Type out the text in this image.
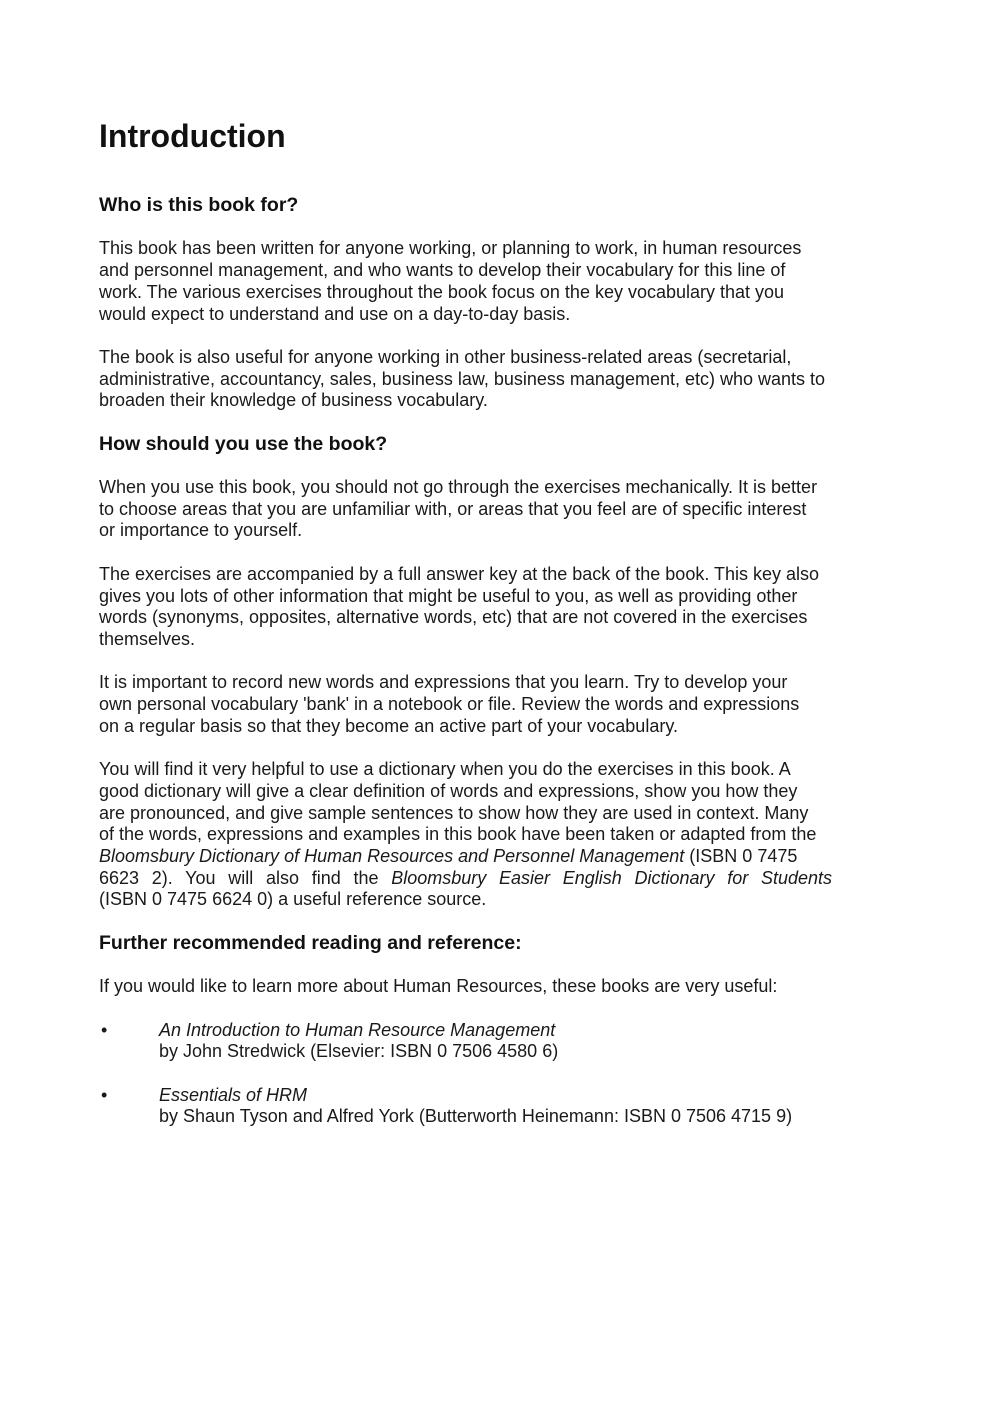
Introduction
Who is this book for?
This book has been written for anyone working, or planning to work, in human resources
and personnel management, and who wants to develop their vocabulary for this line of
work. The various exercises throughout the book focus on the key vocabulary that you
would expect to understand and use on a day-to-day basis.
The book is also useful for anyone working in other business-related areas (secretarial,
administrative, accountancy, sales, business law, business management, etc) who wants to
broaden their knowledge of business vocabulary.
How should you use the book?
When you use this book, you should not go through the exercises mechanically. It is better
to choose areas that you are unfamiliar with, or areas that you feel are of specific interest
or importance to yourself.
The exercises are accompanied by a full answer key at the back of the book. This key also
gives you lots of other information that might be useful to you, as well as providing other
words (synonyms, opposites, alternative words, etc) that are not covered in the exercises
themselves.
It is important to record new words and expressions that you learn. Try to develop your
own personal vocabulary 'bank' in a notebook or file. Review the words and expressions
on a regular basis so that they become an active part of your vocabulary.
You will find it very helpful to use a dictionary when you do the exercises in this book. A
good dictionary will give a clear definition of words and expressions, show you how they
are pronounced, and give sample sentences to show how they are used in context. Many
of the words, expressions and examples in this book have been taken or adapted from the
Bloomsbury Dictionary of Human Resources and Personnel Management (ISBN 0 7475
6623 2). You will also find the Bloomsbury Easier English Dictionary for Students
(ISBN 0 7475 6624 0) a useful reference source.
Further recommended reading and reference:
If you would like to learn more about Human Resources, these books are very useful:
•	An Introduction to Human Resource Management
by John Stredwick (Elsevier: ISBN 0 7506 4580 6)
•	Essentials of HRM
by Shaun Tyson and Alfred York (Butterworth Heinemann: ISBN 0 7506 4715 9)
